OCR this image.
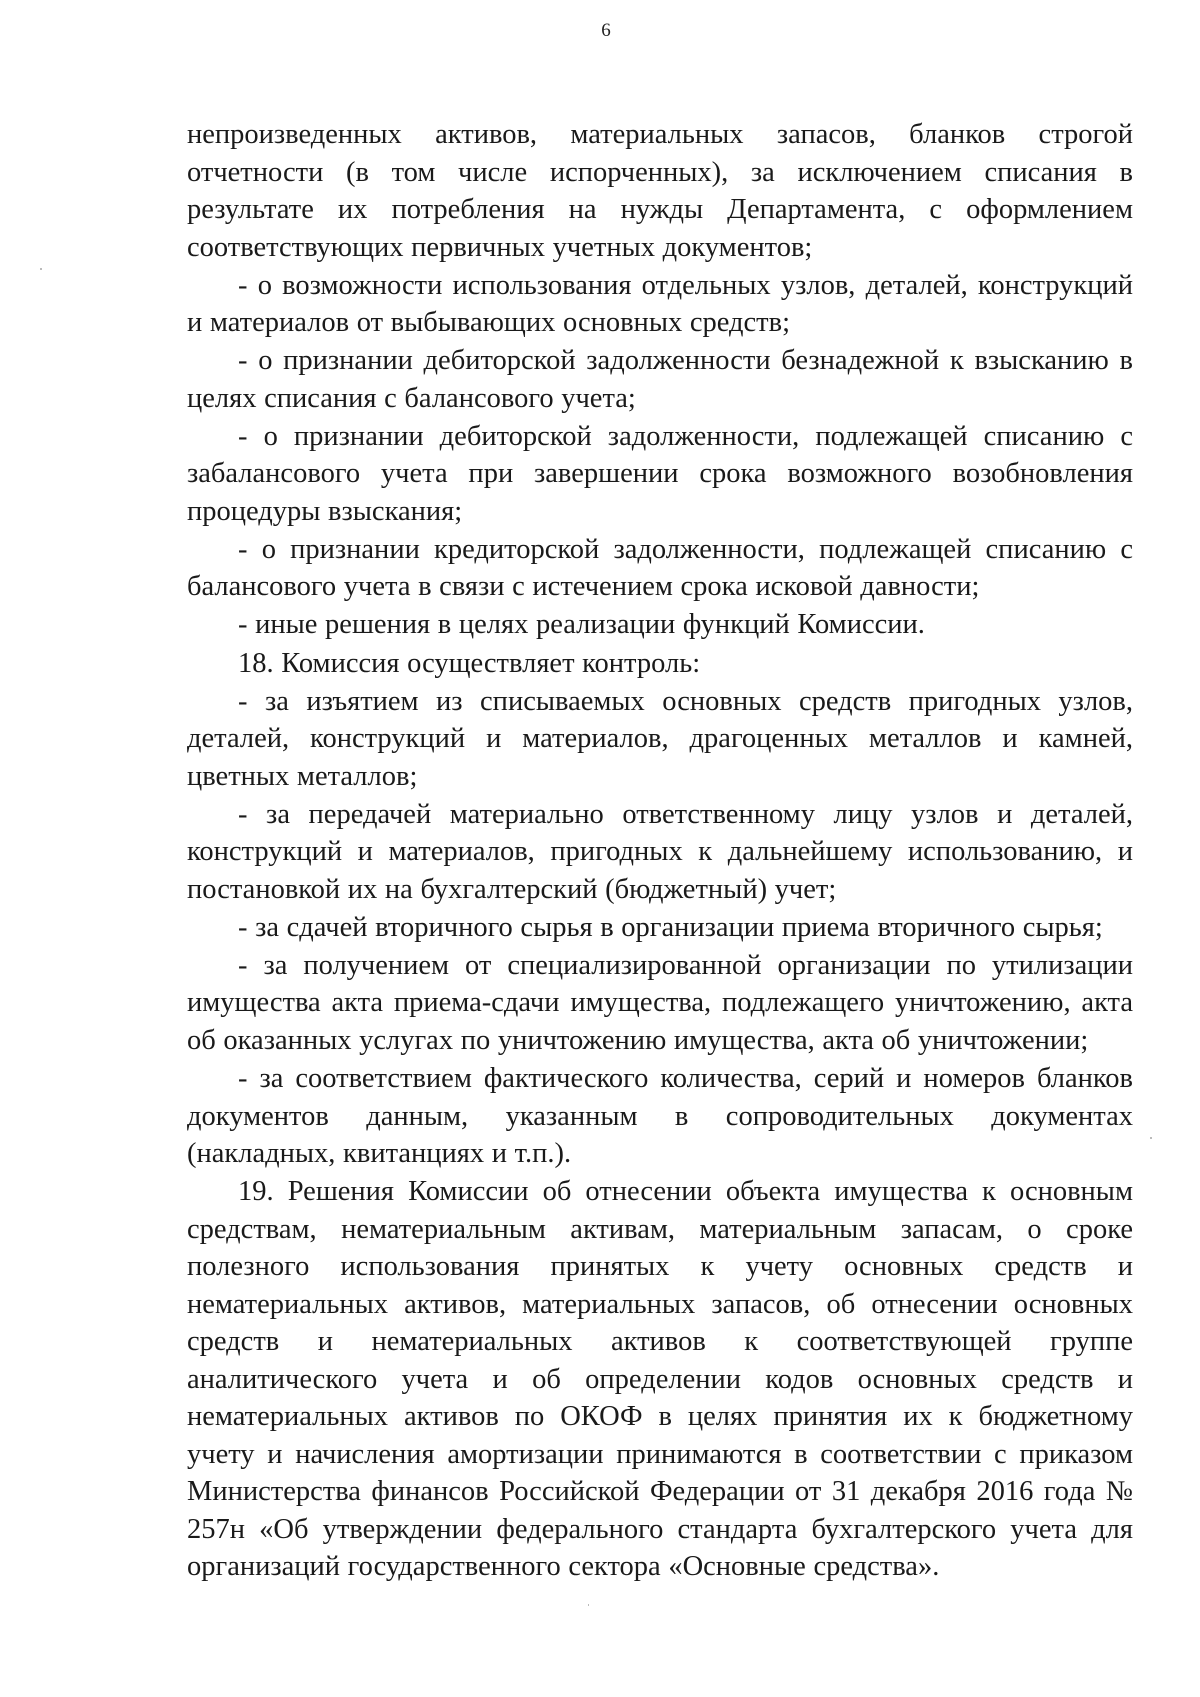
6

непроизведенных активов, материальных запасов, бланков строгой отчетности (в том числе испорченных), за исключением списания в результате их потребления на нужды Департамента, с оформлением соответствующих первичных учетных документов;

- о возможности использования отдельных узлов, деталей, конструкций и материалов от выбывающих основных средств;

- о признании дебиторской задолженности безнадежной к взысканию в целях списания с балансового учета;

- о признании дебиторской задолженности, подлежащей списанию с забалансового учета при завершении срока возможного возобновления процедуры взыскания;

- о признании кредиторской задолженности, подлежащей списанию с балансового учета в связи с истечением срока исковой давности;

- иные решения в целях реализации функций Комиссии.

18. Комиссия осуществляет контроль:

- за изъятием из списываемых основных средств пригодных узлов, деталей, конструкций и материалов, драгоценных металлов и камней, цветных металлов;

- за передачей материально ответственному лицу узлов и деталей, конструкций и материалов, пригодных к дальнейшему использованию, и постановкой их на бухгалтерский (бюджетный) учет;

- за сдачей вторичного сырья в организации приема вторичного сырья;

- за получением от специализированной организации по утилизации имущества акта приема-сдачи имущества, подлежащего уничтожению, акта об оказанных услугах по уничтожению имущества, акта об уничтожении;

- за соответствием фактического количества, серий и номеров бланков документов данным, указанным в сопроводительных документах (накладных, квитанциях и т.п.).

19. Решения Комиссии об отнесении объекта имущества к основным средствам, нематериальным активам, материальным запасам, о сроке полезного использования принятых к учету основных средств и нематериальных активов, материальных запасов, об отнесении основных средств и нематериальных активов к соответствующей группе аналитического учета и об определении кодов основных средств и нематериальных активов по ОКОФ в целях принятия их к бюджетному учету и начисления амортизации принимаются в соответствии с приказом Министерства финансов Российской Федерации от 31 декабря 2016 года № 257н «Об утверждении федерального стандарта бухгалтерского учета для организаций государственного сектора «Основные средства».
